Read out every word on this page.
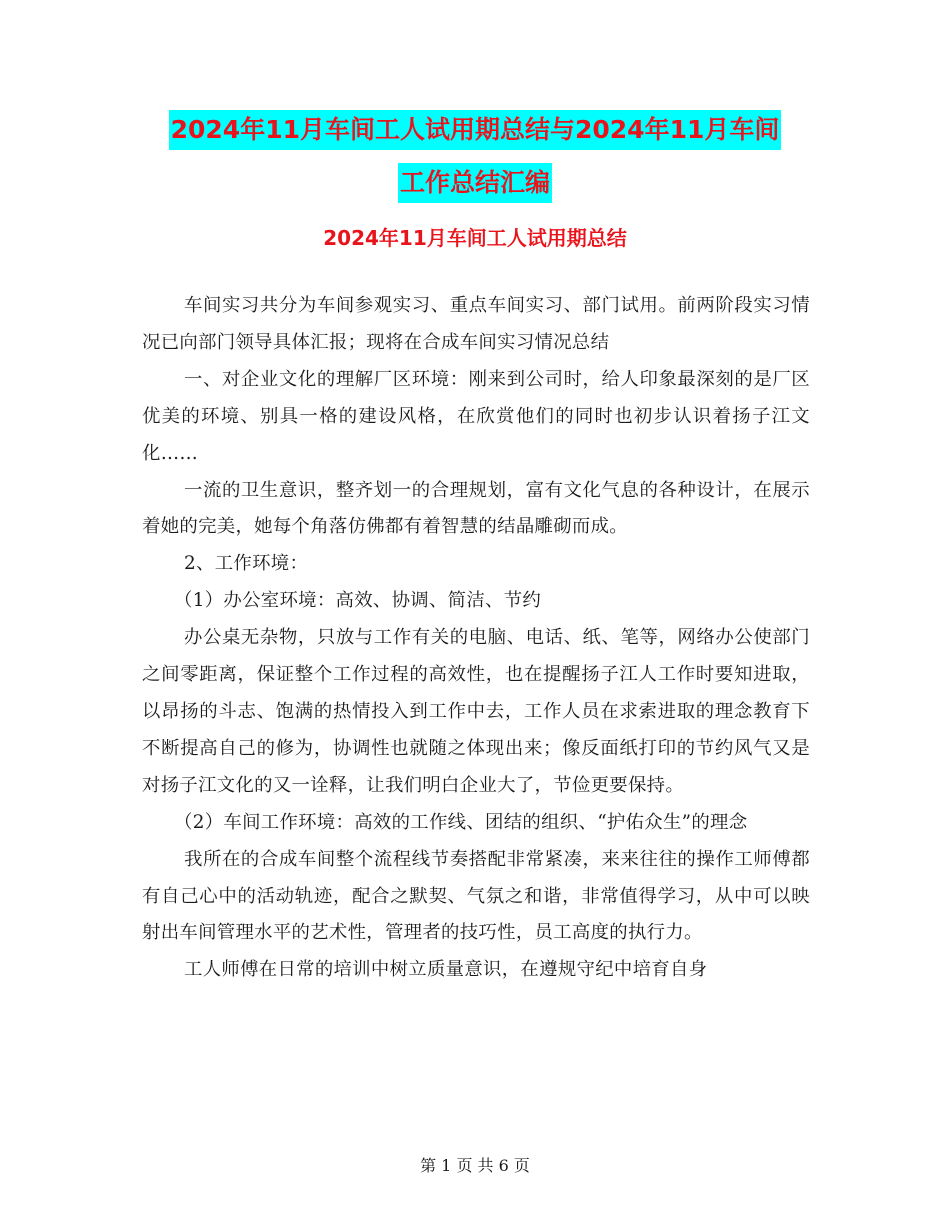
2024年11月车间工人试用期总结与2024年11月车间
工作总结汇编
2024年11月车间工人试用期总结

车间实习共分为车间参观实习、重点车间实习、部门试用。前两阶段实习情况已向部门领导具体汇报；现将在合成车间实习情况总结

一、对企业文化的理解厂区环境：刚来到公司时，给人印象最深刻的是厂区优美的环境、别具一格的建设风格，在欣赏他们的同时也初步认识着扬子江文化……

一流的卫生意识，整齐划一的合理规划，富有文化气息的各种设计，在展示着她的完美，她每个角落仿佛都有着智慧的结晶雕砌而成。

2、工作环境：

（1）办公室环境：高效、协调、简洁、节约

办公桌无杂物，只放与工作有关的电脑、电话、纸、笔等，网络办公使部门之间零距离，保证整个工作过程的高效性，也在提醒扬子江人工作时要知进取，以昂扬的斗志、饱满的热情投入到工作中去，工作人员在求索进取的理念教育下不断提高自己的修为，协调性也就随之体现出来；像反面纸打印的节约风气又是对扬子江文化的又一诠释，让我们明白企业大了，节俭更要保持。

（2）车间工作环境：高效的工作线、团结的组织、“护佑众生”的理念

我所在的合成车间整个流程线节奏搭配非常紧凑，来来往往的操作工师傅都有自己心中的活动轨迹，配合之默契、气氛之和谐，非常值得学习，从中可以映射出车间管理水平的艺术性，管理者的技巧性，员工高度的执行力。

工人师傅在日常的培训中树立质量意识，在遵规守纪中培育自身

第 1 页 共 6 页
